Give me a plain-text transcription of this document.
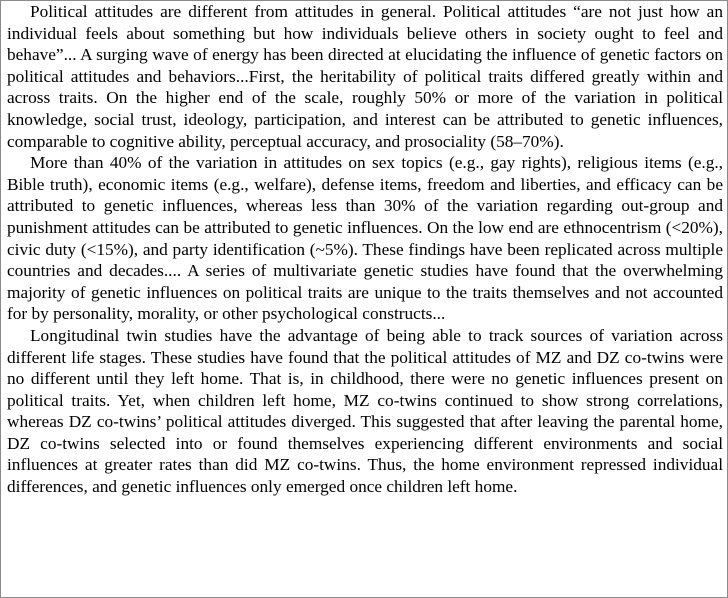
Political attitudes are different from attitudes in general. Political attitudes “are not just how an individual feels about something but how individuals believe others in society ought to feel and behave”... A surging wave of energy has been directed at elucidating the influence of genetic factors on political attitudes and behaviors...First, the heritability of political traits differed greatly within and across traits. On the higher end of the scale, roughly 50% or more of the variation in political knowledge, social trust, ideology, participation, and interest can be attributed to genetic influences, comparable to cognitive ability, perceptual accuracy, and prosociality (58–70%).

More than 40% of the variation in attitudes on sex topics (e.g., gay rights), religious items (e.g., Bible truth), economic items (e.g., welfare), defense items, freedom and liberties, and efficacy can be attributed to genetic influences, whereas less than 30% of the variation regarding out-group and punishment attitudes can be attributed to genetic influences. On the low end are ethnocentrism (<20%), civic duty (<15%), and party identification (~5%). These findings have been replicated across multiple countries and decades.... A series of multivariate genetic studies have found that the overwhelming majority of genetic influences on political traits are unique to the traits themselves and not accounted for by personality, morality, or other psychological constructs...

Longitudinal twin studies have the advantage of being able to track sources of variation across different life stages. These studies have found that the political attitudes of MZ and DZ co-twins were no different until they left home. That is, in childhood, there were no genetic influences present on political traits. Yet, when children left home, MZ co-twins continued to show strong correlations, whereas DZ co-twins’ political attitudes diverged. This suggested that after leaving the parental home, DZ co-twins selected into or found themselves experiencing different environments and social influences at greater rates than did MZ co-twins. Thus, the home environment repressed individual differences, and genetic influences only emerged once children left home.
